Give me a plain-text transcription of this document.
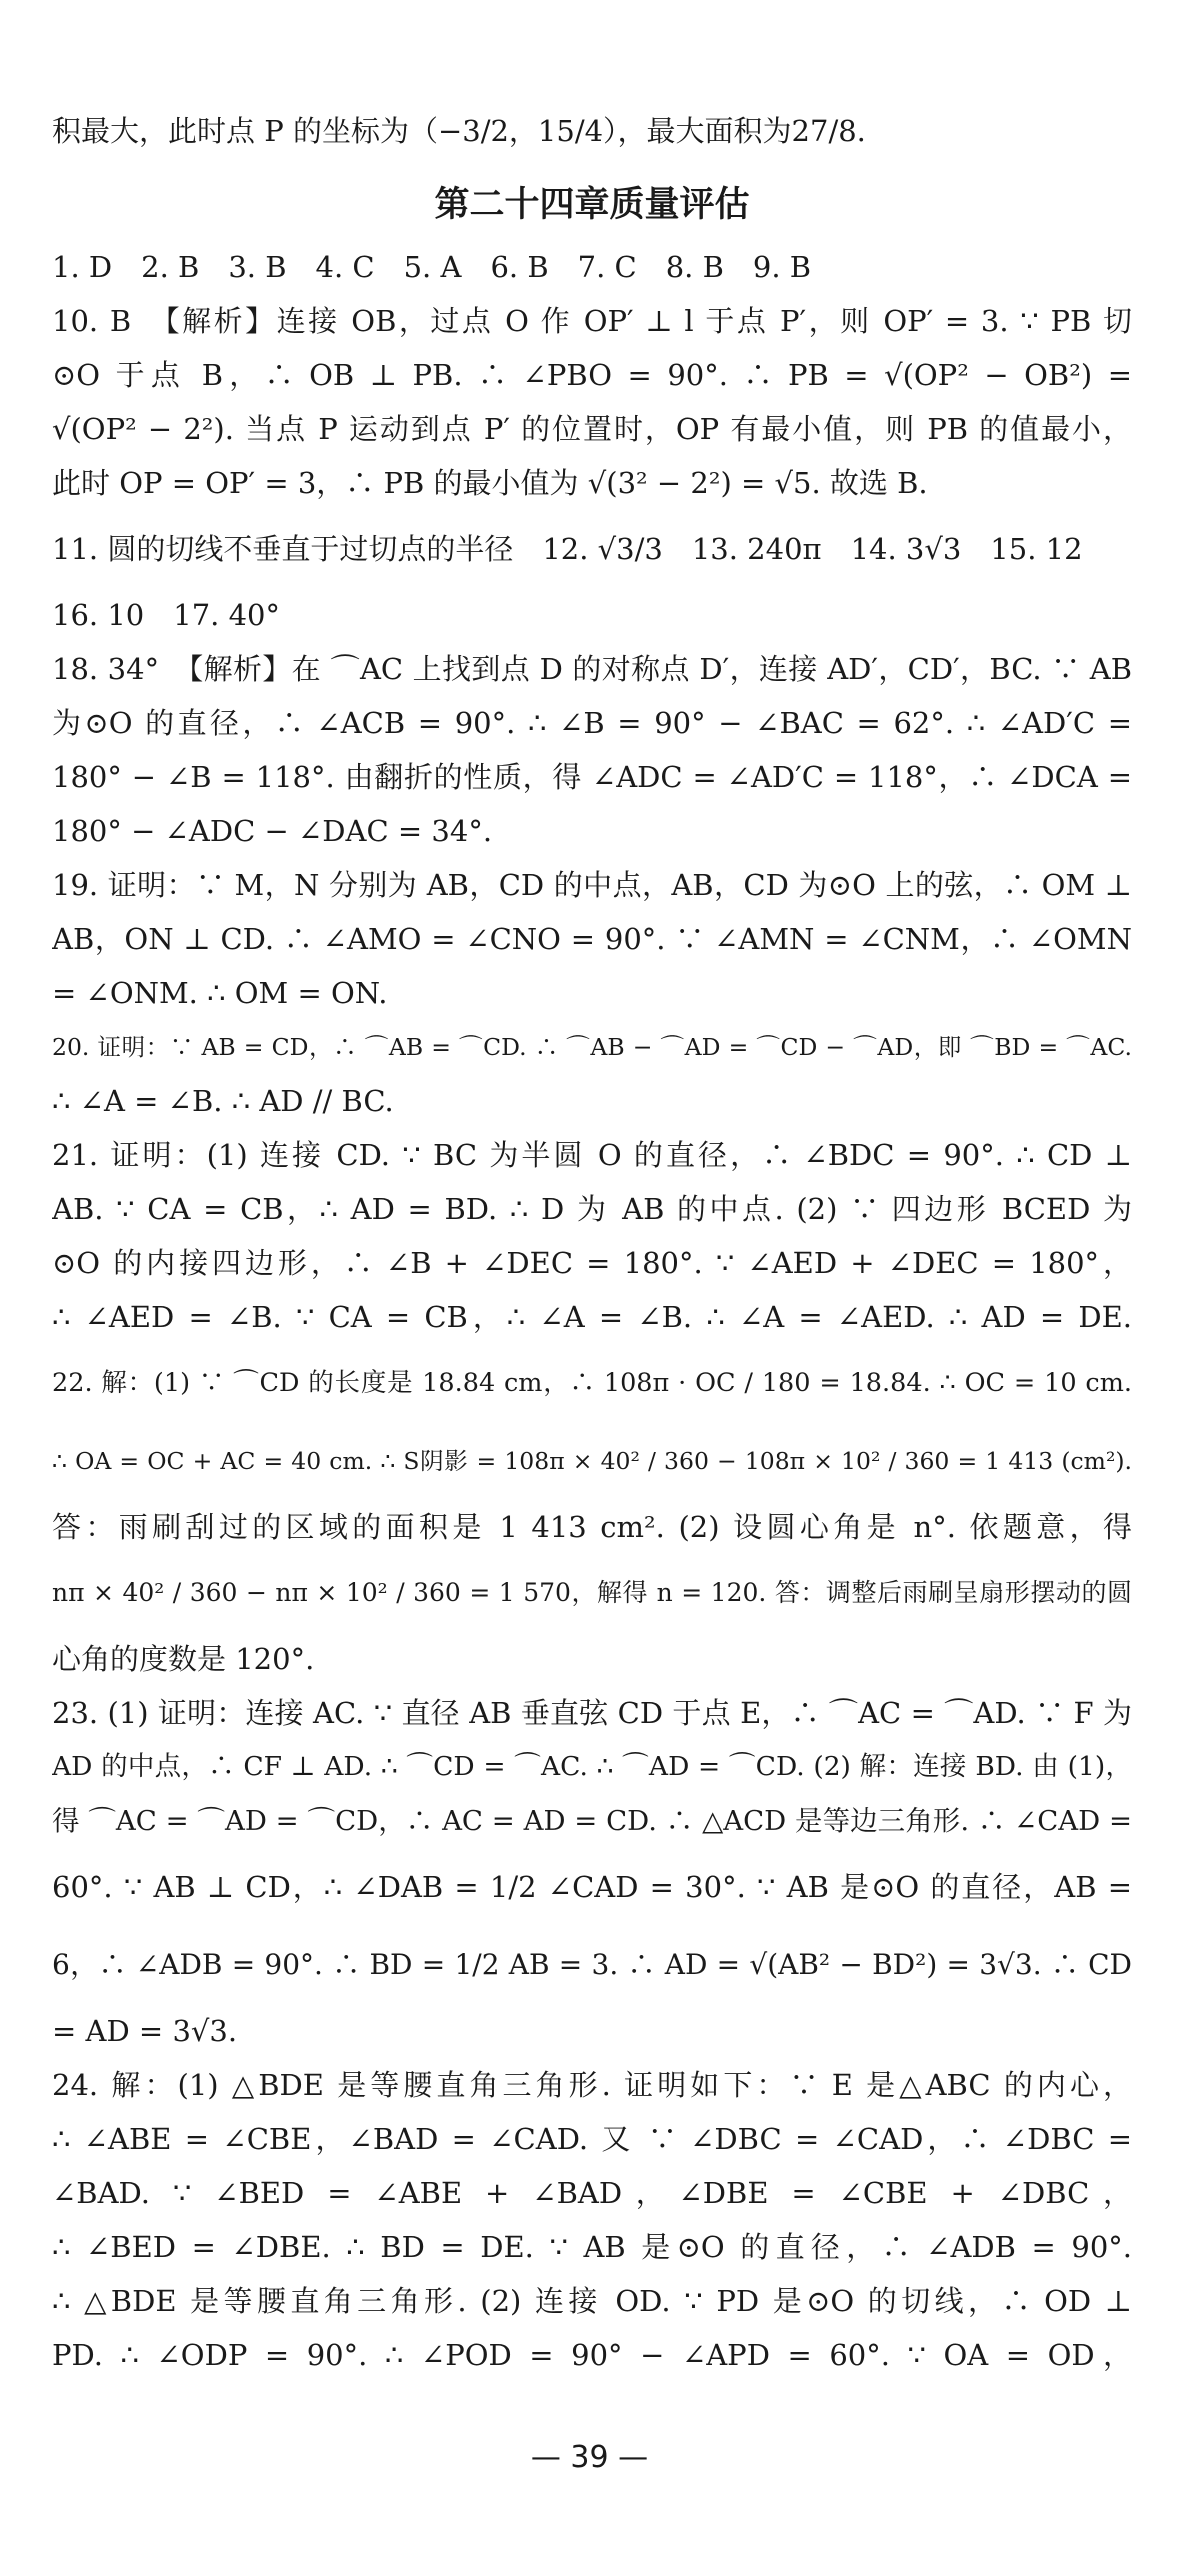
积最大，此时点 P 的坐标为（−3/2，15/4），最大面积为27/8.
第二十四章质量评估
1. D　2. B　3. B　4. C　5. A　6. B　7. C　8. B　9. B
10. B　【解析】连接 OB，过点 O 作 OP′ ⊥ l 于点 P′，则 OP′ = 3. ∵ PB 切
⊙O 于点 B，∴ OB ⊥ PB. ∴ ∠PBO = 90°. ∴ PB = √(OP² − OB²) =
√(OP² − 2²). 当点 P 运动到点 P′ 的位置时，OP 有最小值，则 PB 的值最小，
此时 OP = OP′ = 3，∴ PB 的最小值为 √(3² − 2²) = √5. 故选 B.
11. 圆的切线不垂直于过切点的半径　12. √3/3　13. 240π　14. 3√3　15. 12
16. 10　17. 40°
18. 34°　【解析】在 ⌒AC 上找到点 D 的对称点 D′，连接 AD′，CD′，BC. ∵ AB
为⊙O 的直径，∴ ∠ACB = 90°. ∴ ∠B = 90° − ∠BAC = 62°. ∴ ∠AD′C =
180° − ∠B = 118°. 由翻折的性质，得 ∠ADC = ∠AD′C = 118°，∴ ∠DCA =
180° − ∠ADC − ∠DAC = 34°.
19. 证明：∵ M，N 分别为 AB，CD 的中点，AB，CD 为⊙O 上的弦，∴ OM ⊥
AB，ON ⊥ CD. ∴ ∠AMO = ∠CNO = 90°. ∵ ∠AMN = ∠CNM，∴ ∠OMN
= ∠ONM. ∴ OM = ON.
20. 证明：∵ AB = CD，∴ ⌒AB = ⌒CD. ∴ ⌒AB − ⌒AD = ⌒CD − ⌒AD，即 ⌒BD = ⌒AC.
∴ ∠A = ∠B. ∴ AD // BC.
21. 证明：(1) 连接 CD. ∵ BC 为半圆 O 的直径，∴ ∠BDC = 90°. ∴ CD ⊥
AB. ∵ CA = CB，∴ AD = BD. ∴ D 为 AB 的中点. (2) ∵ 四边形 BCED 为
⊙O 的内接四边形，∴ ∠B + ∠DEC = 180°. ∵ ∠AED + ∠DEC = 180°，
∴ ∠AED = ∠B. ∵ CA = CB，∴ ∠A = ∠B. ∴ ∠A = ∠AED. ∴ AD = DE.
22. 解：(1) ∵ ⌒CD 的长度是 18.84 cm，∴ 108π · OC / 180 = 18.84. ∴ OC = 10 cm.
∴ OA = OC + AC = 40 cm. ∴ S阴影 = 108π × 40² / 360 − 108π × 10² / 360 = 1 413 (cm²).
答：雨刷刮过的区域的面积是 1 413 cm². (2) 设圆心角是 n°. 依题意，得
nπ × 40² / 360 − nπ × 10² / 360 = 1 570，解得 n = 120. 答：调整后雨刷呈扇形摆动的圆
心角的度数是 120°.
23. (1) 证明：连接 AC. ∵ 直径 AB 垂直弦 CD 于点 E，∴ ⌒AC = ⌒AD. ∵ F 为
AD 的中点，∴ CF ⊥ AD. ∴ ⌒CD = ⌒AC. ∴ ⌒AD = ⌒CD. (2) 解：连接 BD. 由 (1)，
得 ⌒AC = ⌒AD = ⌒CD，∴ AC = AD = CD. ∴ △ACD 是等边三角形. ∴ ∠CAD =
60°. ∵ AB ⊥ CD，∴ ∠DAB = 1/2 ∠CAD = 30°. ∵ AB 是⊙O 的直径，AB =
6，∴ ∠ADB = 90°. ∴ BD = 1/2 AB = 3. ∴ AD = √(AB² − BD²) = 3√3. ∴ CD
= AD = 3√3.
24. 解：(1) △BDE 是等腰直角三角形. 证明如下：∵ E 是△ABC 的内心，
∴ ∠ABE = ∠CBE，∠BAD = ∠CAD. 又 ∵ ∠DBC = ∠CAD，∴ ∠DBC =
∠BAD. ∵ ∠BED = ∠ABE + ∠BAD，∠DBE = ∠CBE + ∠DBC，
∴ ∠BED = ∠DBE. ∴ BD = DE. ∵ AB 是⊙O 的直径，∴ ∠ADB = 90°.
∴ △BDE 是等腰直角三角形. (2) 连接 OD. ∵ PD 是⊙O 的切线，∴ OD ⊥
PD. ∴ ∠ODP = 90°. ∴ ∠POD = 90° − ∠APD = 60°. ∵ OA = OD，
— 39 —
